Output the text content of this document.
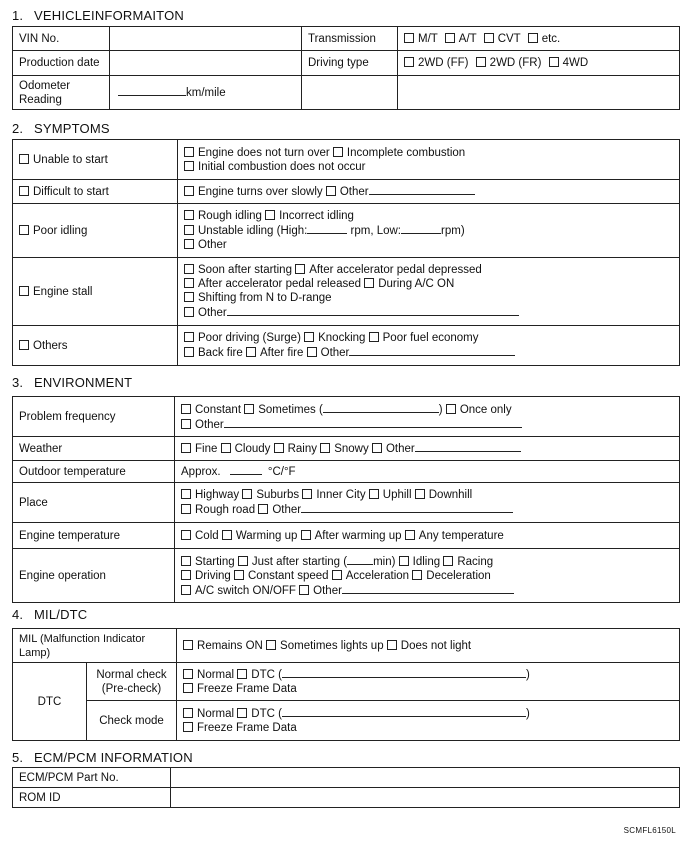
1. VEHICLEINFORMAITON
VIN No.		Transmission	M/T A/T CVT etc.
Production date		Driving type	2WD (FF) 2WD (FR) 4WD
Odometer Reading	km/mile		
2. SYMPTOMS
Unable to start	Engine does not turn over Incomplete combustion
Initial combustion does not occur

Difficult to start	Engine turns over slowly Other

Poor idling	Rough idling Incorrect idling
Unstable idling (High: rpm, Low: rpm)
Other

Engine stall	Soon after starting After accelerator pedal depressed
After accelerator pedal released During A/C ON
Shifting from N to D-range
Other

Others	Poor driving (Surge) Knocking Poor fuel economy
Back fire After fire Other
3. ENVIRONMENT
Problem frequency	Constant Sometimes ( ) Once only
Other

Weather	Fine Cloudy Rainy Snowy Other

Outdoor temperature	Approx. °C/°F

Place	Highway Suburbs Inner City Uphill Downhill
Rough road Other

Engine temperature	Cold Warming up After warming up Any temperature

Engine operation	Starting Just after starting ( min) Idling Racing
Driving Constant speed Acceleration Deceleration
A/C switch ON/OFF Other
4. MIL/DTC
MIL (Malfunction Indicator Lamp)		Remains ON Sometimes lights up Does not light

DTC	Normal check (Pre-check)	Normal DTC ( )
Freeze Frame Data

	Check mode	Normal DTC ( )
Freeze Frame Data
5. ECM/PCM INFORMATION
ECM/PCM Part No.	
ROM ID	
SCMFL6150L
